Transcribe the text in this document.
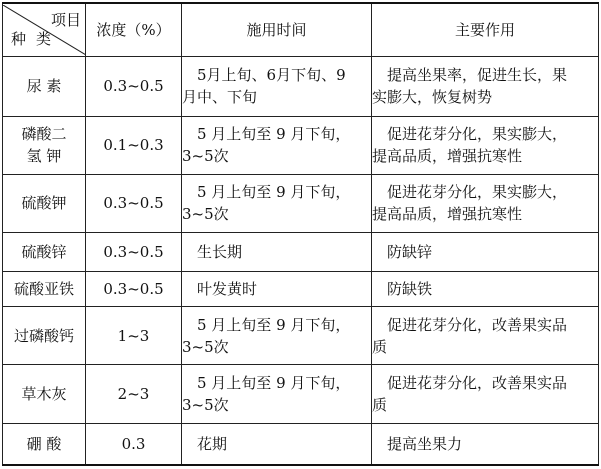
项目
种类	浓度（%）	施用时间	主要作用

尿 素	0.3~0.5	5月上旬、6月下旬、9
月中、下旬	提高坐果率，促进生长，果
实膨大，恢复树势

磷酸二
氢 钾	0.1~0.3	5 月上旬至 9 月下旬，
3~5次	促进花芽分化，果实膨大，
提高品质，增强抗寒性

硫酸钾	0.3~0.5	5 月上旬至 9 月下旬，
3~5次	促进花芽分化，果实膨大，
提高品质，增强抗寒性

硫酸锌	0.3~0.5	生长期	防缺锌

硫酸亚铁	0.3~0.5	叶发黄时	防缺铁

过磷酸钙	1~3	5 月上旬至 9 月下旬，
3~5次	促进花芽分化，改善果实品
质

草木灰	2~3	5 月上旬至 9 月下旬，
3~5次	促进花芽分化，改善果实品
质

硼 酸	0.3	花期	提高坐果力
